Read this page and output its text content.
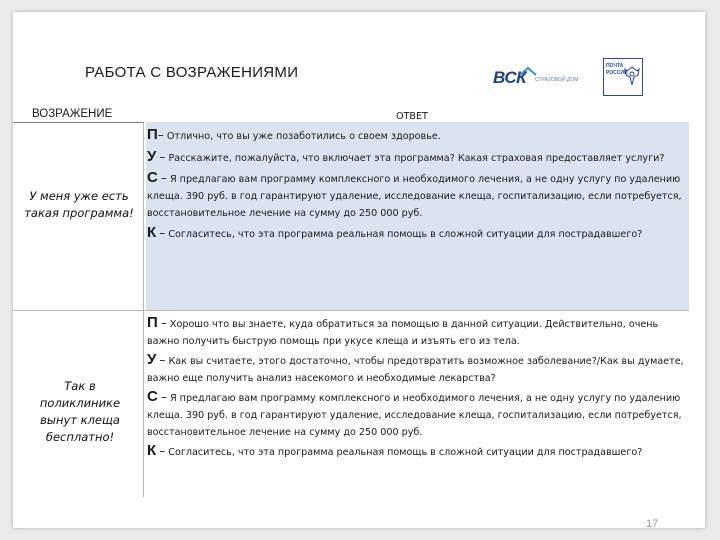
РАБОТА С ВОЗРАЖЕНИЯМИ	ВСК СТРАХОВОЙ ДОМ
ПОЧТА РОССИИ
ВОЗРАЖЕНИЕ	ОТВЕТ
У меня уже есть такая программа!

П– Отлично, что вы уже позаботились о своем здоровье.

У – Расскажите, пожалуйста, что включает эта программа? Какая страховая предоставляет услуги?

С – Я предлагаю вам программу комплексного и необходимого лечения, а не одну услугу по удалению клеща. 390 руб. в год гарантируют удаление, исследование клеща, госпитализацию, если потребуется, восстановительное лечение на сумму до 250 000 руб.

К – Согласитесь, что эта программа реальная помощь в сложной ситуации для пострадавшего?

Так в поликлинике вынут клеща бесплатно!

П – Хорошо что вы знаете, куда обратиться за помощью в данной ситуации. Действительно, очень важно получить быструю помощь при укусе клеща и изъять его из тела.

У – Как вы считаете, этого достаточно, чтобы предотвратить возможное заболевание?/Как вы думаете, важно еще получить анализ насекомого и необходимые лекарства?

С – Я предлагаю вам программу комплексного и необходимого лечения, а не одну услугу по удалению клеща. 390 руб. в год гарантируют удаление, исследование клеща, госпитализацию, если потребуется, восстановительное лечение на сумму до 250 000 руб.

К – Согласитесь, что эта программа реальная помощь в сложной ситуации для пострадавшего?

17
